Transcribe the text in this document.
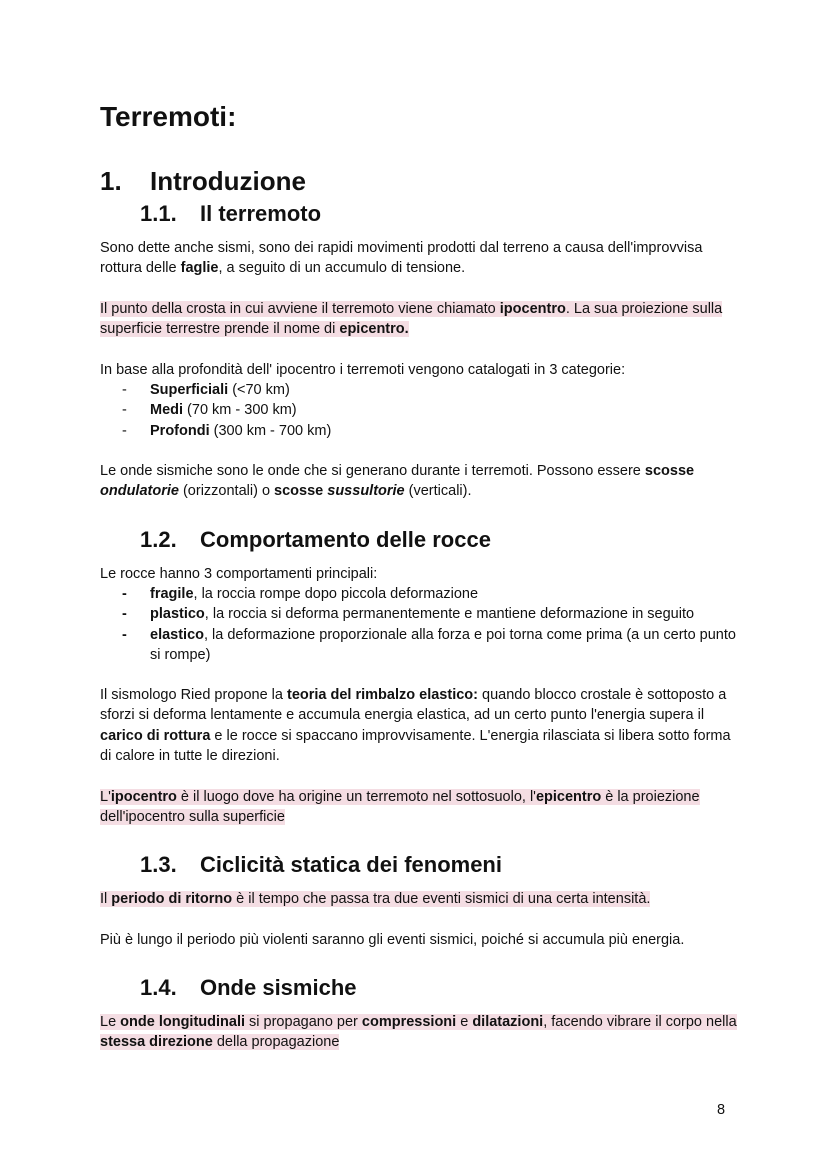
Terremoti:
1. Introduzione
1.1. Il terremoto

Sono dette anche sismi, sono dei rapidi movimenti prodotti dal terreno a causa dell'improvvisa rottura delle faglie, a seguito di un accumulo di tensione.

Il punto della crosta in cui avviene il terremoto viene chiamato ipocentro. La sua proiezione sulla superficie terrestre prende il nome di epicentro.

In base alla profondità dell' ipocentro i terremoti vengono catalogati in 3 categorie:

- Superficiali (<70 km)
- Medi (70 km - 300 km)
- Profondi (300 km - 700 km)

Le onde sismiche sono le onde che si generano durante i terremoti. Possono essere scosse ondulatorie (orizzontali) o scosse sussultorie (verticali).

1.2. Comportamento delle rocce

Le rocce hanno 3 comportamenti principali:

- fragile, la roccia rompe dopo piccola deformazione
- plastico, la roccia si deforma permanentemente e mantiene deformazione in seguito
- elastico, la deformazione proporzionale alla forza e poi torna come prima (a un certo punto si rompe)

Il sismologo Ried propone la teoria del rimbalzo elastico: quando blocco crostale è sottoposto a sforzi si deforma lentamente e accumula energia elastica, ad un certo punto l'energia supera il carico di rottura e le rocce si spaccano improvvisamente. L'energia rilasciata si libera sotto forma di calore in tutte le direzioni.

L'ipocentro è il luogo dove ha origine un terremoto nel sottosuolo, l'epicentro è la proiezione dell'ipocentro sulla superficie

1.3. Ciclicità statica dei fenomeni

Il periodo di ritorno è il tempo che passa tra due eventi sismici di una certa intensità.

Più è lungo il periodo più violenti saranno gli eventi sismici, poiché si accumula più energia.

1.4. Onde sismiche

Le onde longitudinali si propagano per compressioni e dilatazioni, facendo vibrare il corpo nella stessa direzione della propagazione

8
